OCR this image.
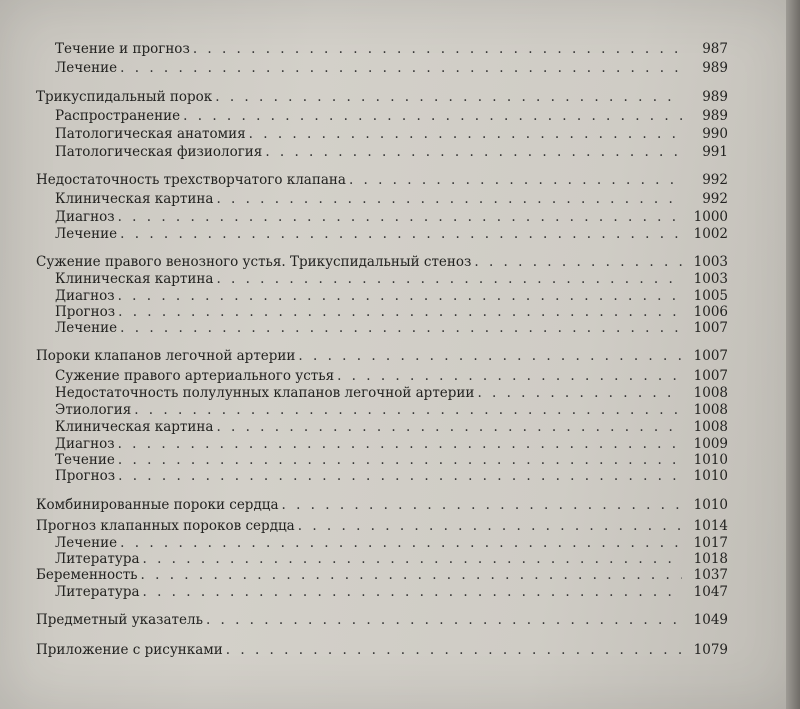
Течение и прогноз . . .	987
Лечение . . .	989
Трикуспидальный порок . . .	989
Распространение . . .	989
Патологическая анатомия . . .	990
Патологическая физиология . . .	991
Недостаточность трехстворчатого клапана . . .	992
Клиническая картина . . .	992
Диагноз . . .	1000
Лечение . . .	1002
Сужение правого венозного устья. Трикуспидальный стеноз . . .	1003
Клиническая картина . . .	1003
Диагноз . . .	1005
Прогноз . . .	1006
Лечение . . .	1007
Пороки клапанов легочной артерии . . .	1007
Сужение правого артериального устья . . .	1007
Недостаточность полулунных клапанов легочной артерии . . .	1008
Этиология . . .	1008
Клиническая картина . . .	1008
Диагноз . . .	1009
Течение . . .	1010
Прогноз . . .	1010
Комбинированные пороки сердца . . .	1010
Прогноз клапанных пороков сердца . . .	1014
Лечение . . .	1017
Литература . . .	1018
Беременность . . .	1037
Литература . . .	1047
Предметный указатель . . .	1049
Приложение с рисунками . . .	1079
